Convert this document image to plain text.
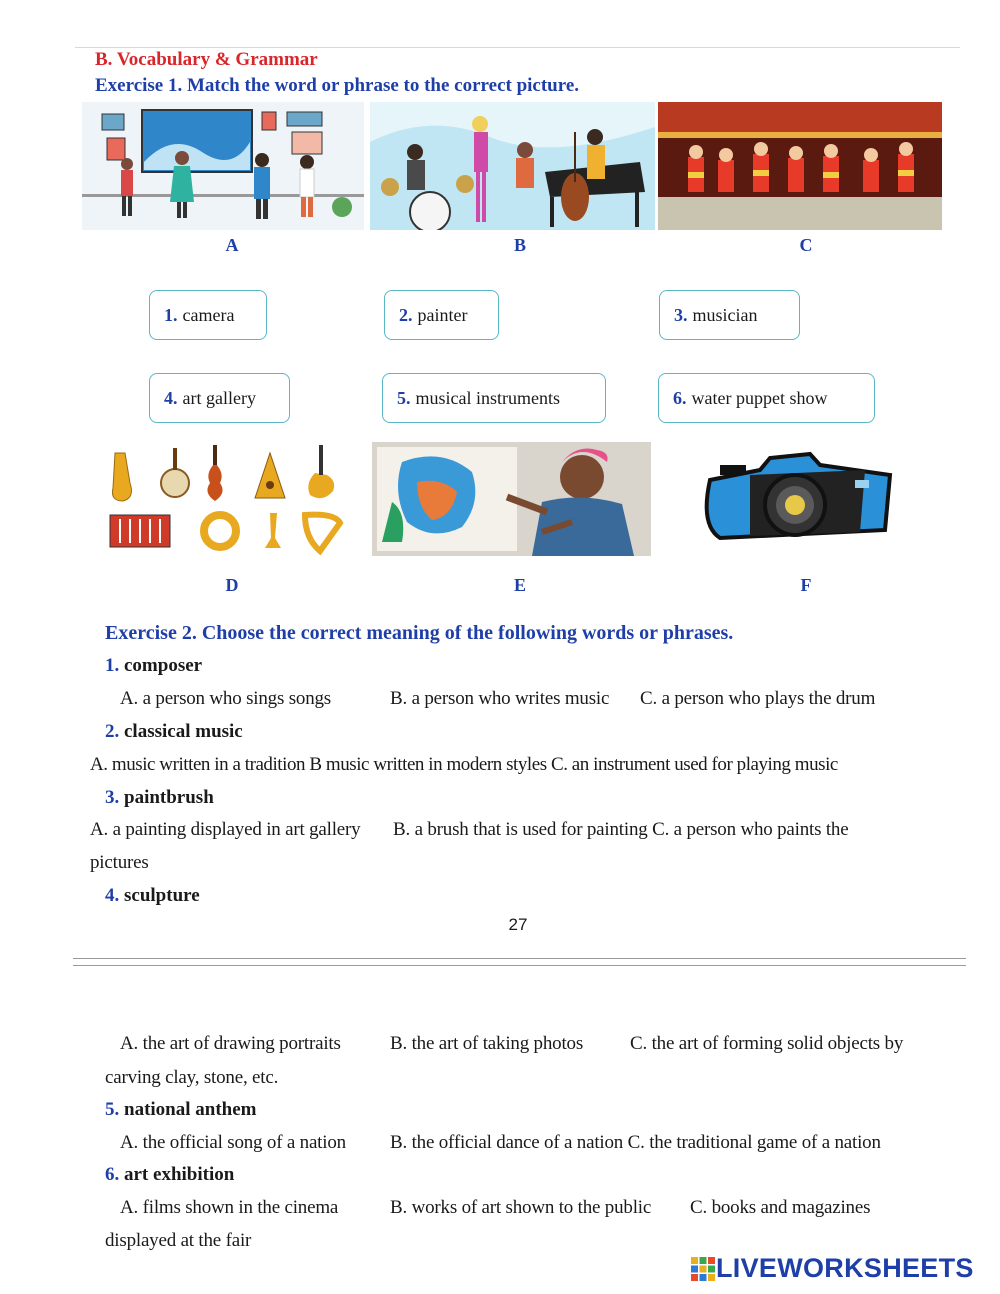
B. Vocabulary & Grammar
Exercise 1. Match the word or phrase to the correct picture.
A	B	C
1. camera	2. painter	3. musician
4. art gallery	5. musical instruments	6. water puppet show
D	E	F
Exercise 2. Choose the correct meaning of the following words or phrases.
1. composer
A. a person who sings songs	B. a person who writes music C. a person who plays the drum
2. classical music
A. music written in a tradition B music written in modern styles C. an instrument used for playing music
3. paintbrush
A. a painting displayed in art gallery B. a brush that is used for painting C. a person who paints the
pictures
4. sculpture
27
A. the art of drawing portraits	B. the art of taking photos C. the art of forming solid objects by
carving clay, stone, etc.
5. national anthem
A. the official song of a nation B. the official dance of a nation C. the traditional game of a nation
6. art exhibition
A. films shown in the cinema	B. works of art shown to the public C. books and magazines
displayed at the fair
LIVEWORKSHEETS
